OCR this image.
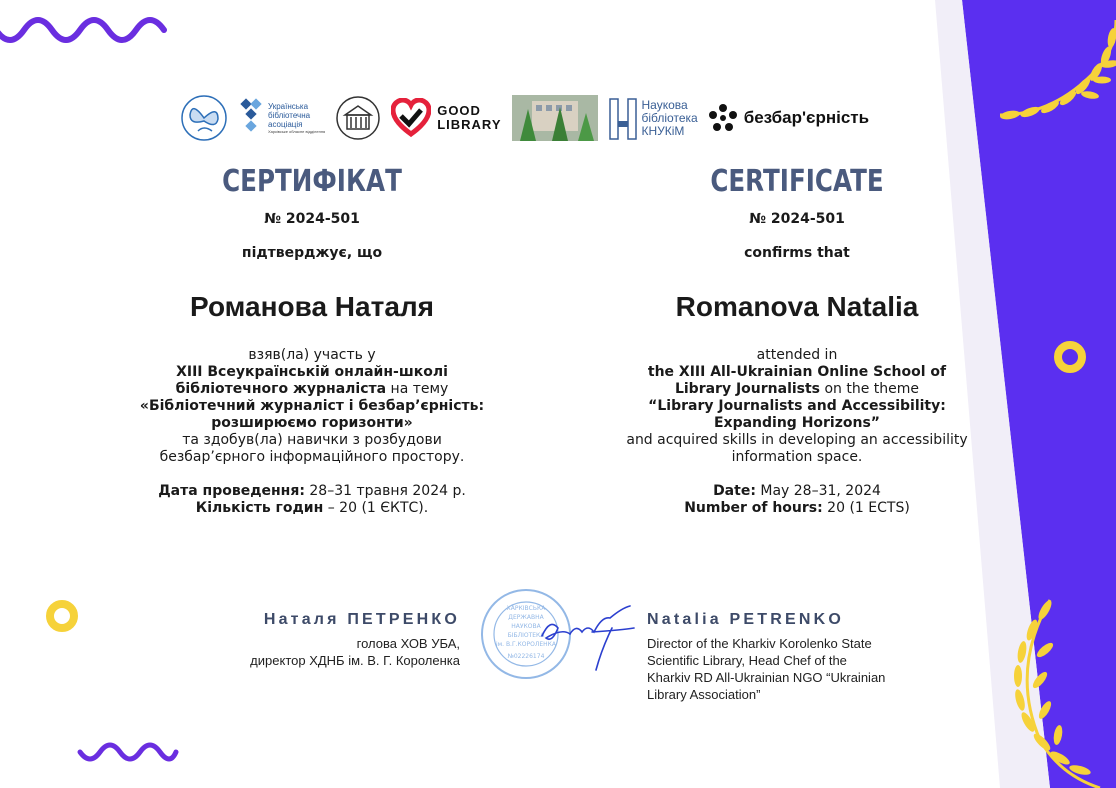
Українська
бібліотечна
асоціація
Харківське обласне відділення
GOOD
LIBRARY
Наукова
бібліотека
КНУКіМ
безбар'єрність
СЕРТИФІКАТ
№ 2024-501
підтверджує, що
Романова Наталя
взяв(ла) участь у
XIII Всеукраїнській онлайн-школі
бібліотечного журналіста на тему
«Бібліотечний журналіст і безбар’єрність:
розширюємо горизонти»
та здобув(ла) навички з розбудови
безбар’єрного інформаційного простору.
Дата проведення: 28–31 травня 2024 р.
Кількість годин – 20 (1 ЄКТС).
CERTIFICATE
№ 2024-501
confirms that
Romanova Natalia
attended in
the XIII All-Ukrainian Online School of
Library Journalists on the theme
“Library Journalists and Accessibility:
Expanding Horizons”
and acquired skills in developing an accessibility
information space.
Date: May 28–31, 2024
Number of hours: 20 (1 ECTS)
Наталя ПЕТРЕНКО
голова ХОВ УБА,
директор ХДНБ ім. В. Г. Короленка
ХАРКІВСЬКА
ДЕРЖАВНА
НАУКОВА
БІБЛІОТЕКА
ім. В.Г.КОРОЛЕНКА
№02226174
Natalia PETRENKO
Director of the Kharkiv Korolenko State
Scientific Library, Head Chef of the
Kharkiv RD All-Ukrainian NGO “Ukrainian
Library Association”
